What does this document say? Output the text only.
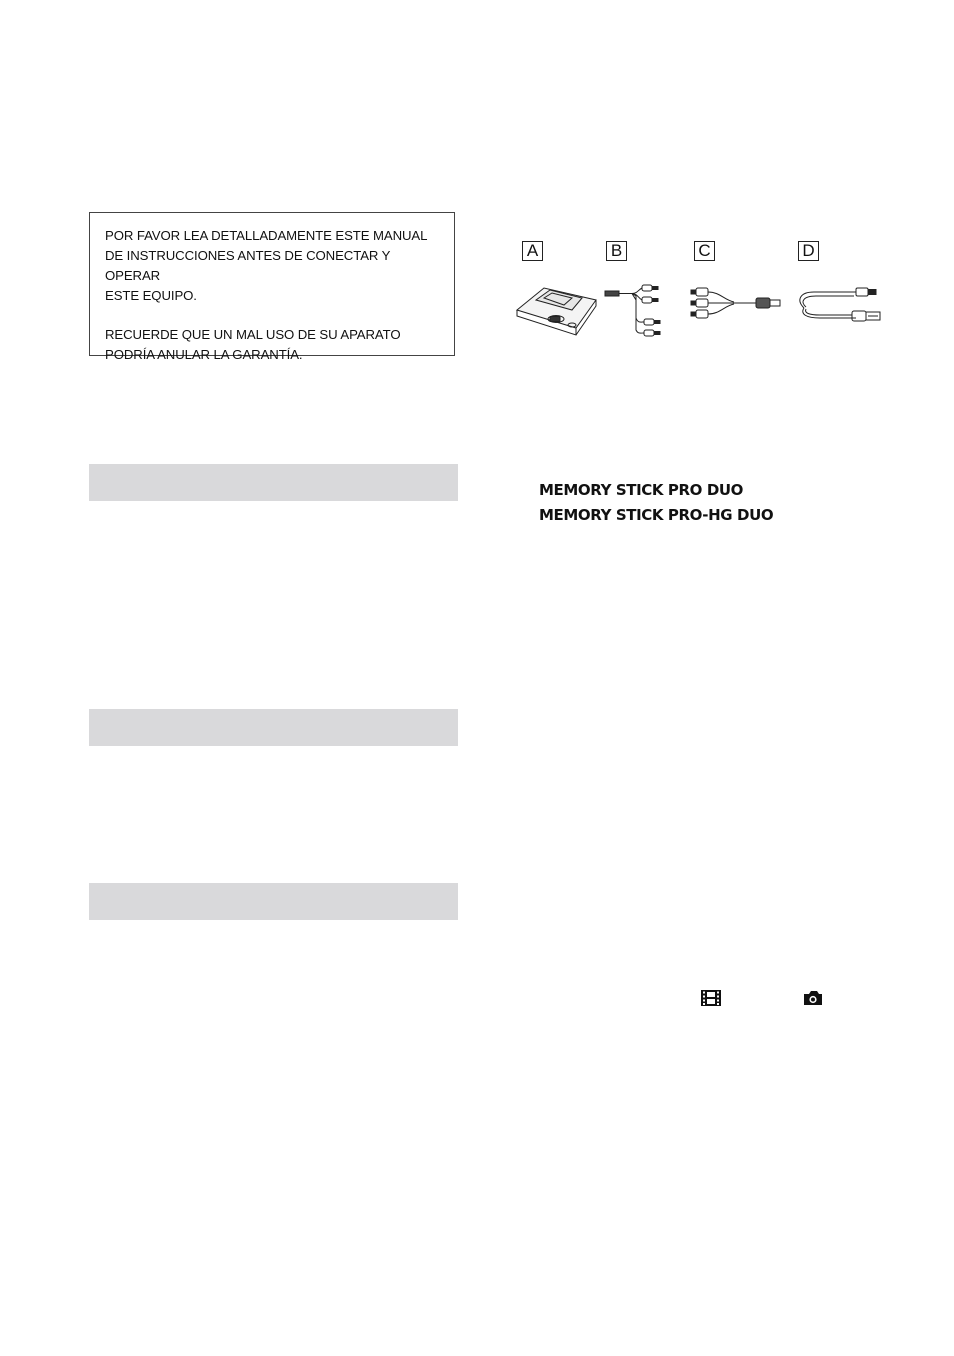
POR FAVOR LEA DETALLADAMENTE ESTE MANUAL
DE INSTRUCCIONES ANTES DE CONECTAR Y OPERAR
ESTE EQUIPO.

RECUERDE QUE UN MAL USO DE SU APARATO
PODRÍA ANULAR LA GARANTÍA.

A	B	C	D
MEMORY STICK PRO DUO
MEMORY STICK PRO-HG DUO
